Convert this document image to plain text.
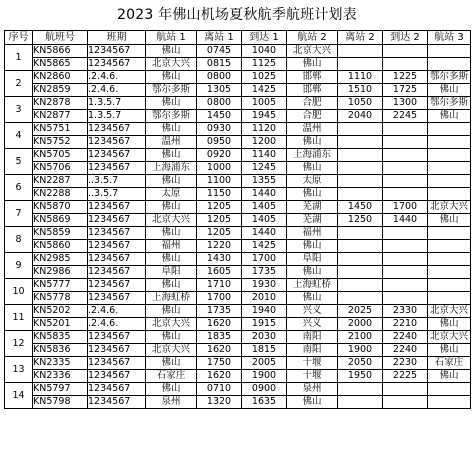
2023 年佛山机场夏秋航季航班计划表
序号	航班号	班期	航站 1	离站 1	到达 1	航站 2	离站 2	到达 2	航站 3
1	KN5866	1234567	佛山	0745	1040	北京大兴			
	KN5865	1234567	北京大兴	0815	1125	佛山			
2	KN2860	.2.4.6.	佛山	0800	1025	邯郸	1110	1225	鄂尔多斯
	KN2859	.2.4.6.	鄂尔多斯	1305	1425	邯郸	1510	1725	佛山
3	KN2878	1.3.5.7	佛山	0800	1005	合肥	1050	1300	鄂尔多斯
	KN2877	1.3.5.7	鄂尔多斯	1450	1945	合肥	2040	2245	佛山
4	KN5751	1234567	佛山	0930	1120	温州			
	KN5752	1234567	温州	0950	1200	佛山			
5	KN5705	1234567	佛山	0920	1140	上海浦东			
	KN5706	1234567	上海浦东	1000	1245	佛山			
6	KN2287	..3.5.7	佛山	1100	1355	太原			
	KN2288	..3.5.7	太原	1150	1440	佛山			
7	KN5870	1234567	佛山	1205	1405	芜湖	1450	1700	北京大兴
	KN5869	1234567	北京大兴	1205	1405	芜湖	1250	1440	佛山
8	KN5859	1234567	佛山	1205	1440	福州			
	KN5860	1234567	福州	1220	1425	佛山			
9	KN2985	1234567	佛山	1430	1700	阜阳			
	KN2986	1234567	阜阳	1605	1735	佛山			
10	KN5777	1234567	佛山	1710	1930	上海虹桥			
	KN5778	1234567	上海虹桥	1700	2010	佛山			
11	KN5202	.2.4.6.	佛山	1735	1940	兴义	2025	2330	北京大兴
	KN5201	.2.4.6.	北京大兴	1620	1915	兴义	2000	2210	佛山
12	KN5835	1234567	佛山	1835	2030	南阳	2100	2240	北京大兴
	KN5836	1234567	北京大兴	1620	1815	南阳	1900	2240	佛山
13	KN2335	1234567	佛山	1750	2005	十堰	2050	2230	石家庄
	KN2336	1234567	石家庄	1620	1900	十堰	1950	2225	佛山
14	KN5797	1234567	佛山	0710	0900	泉州			
	KN5798	1234567	泉州	1320	1635	佛山			
